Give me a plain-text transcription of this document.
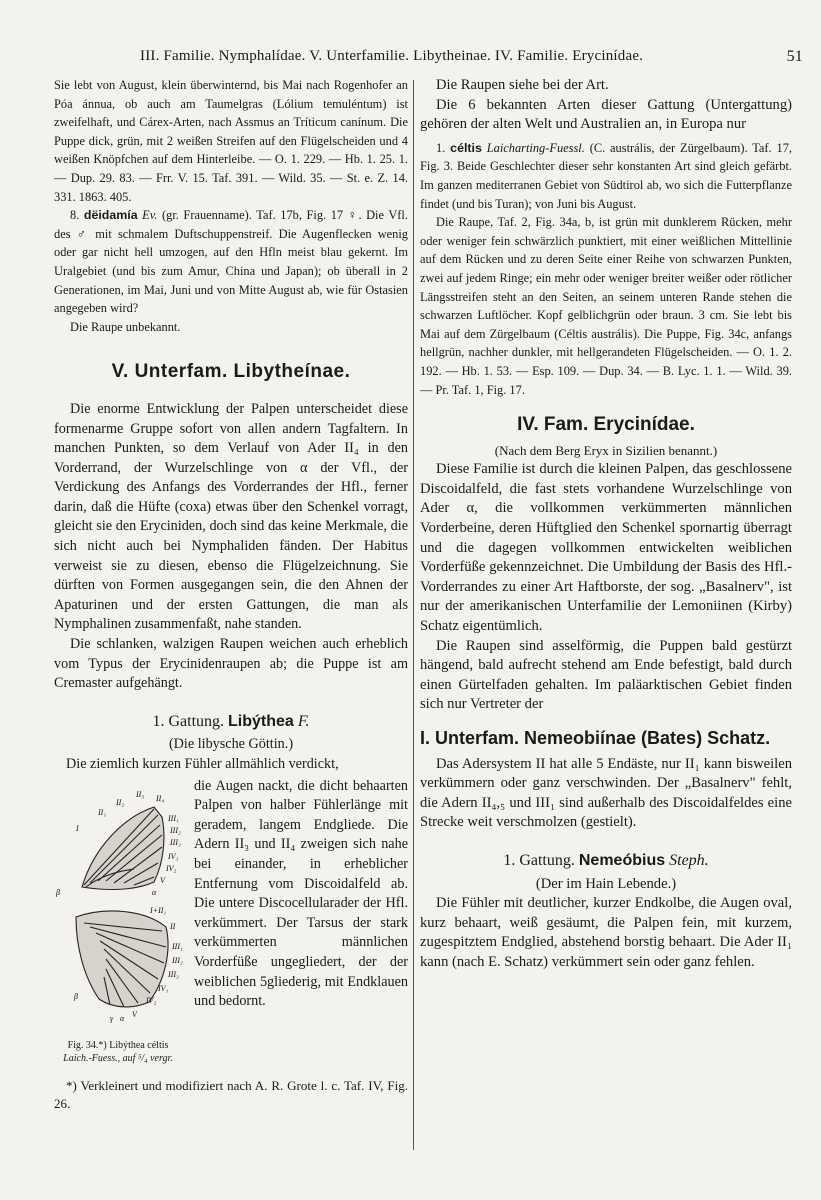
III. Familie. Nymphalídae. V. Unterfamilie. Libytheinae. IV. Familie. Erycinídae.	51

Sie lebt von August, klein überwinternd, bis Mai nach Rogenhofer an Póa ánnua, ob auch am Taumelgras (Lólium temuléntum) ist zweifelhaft, und Cárex-Arten, nach Assmus an Tríticum canínum. Die Puppe dick, grün, mit 2 weißen Streifen auf den Flügelscheiden und 4 weißen Knöpfchen auf dem Hinterleibe. — O. 1. 229. — Hb. 1. 25. 1. — Dup. 29. 83. — Frr. V. 15. Taf. 391. — Wild. 35. — St. e. Z. 14. 331. 1863. 405.

8. dëidamía Ev. (gr. Frauenname). Taf. 17b, Fig. 17 ♀. Die Vfl. des ♂ mit schmalem Duftschuppenstreif. Die Augenflecken wenig oder gar nicht hell umzogen, auf den Hfln meist blau gekernt. Im Uralgebiet (und bis zum Amur, China und Japan); ob überall in 2 Generationen, im Mai, Juni und von Mitte August ab, wie für Ostasien angegeben wird?

Die Raupe unbekannt.

V. Unterfam. Libytheínae.

Die enorme Entwicklung der Palpen unterscheidet diese formenarme Gruppe sofort von allen andern Tagfaltern. In manchen Punkten, so dem Verlauf von Ader II₄ in den Vorderrand, der Wurzelschlinge von α der Vfl., der Verdickung des Anfangs des Vorderrandes der Hfl., ferner darin, daß die Hüfte (coxa) etwas über den Schenkel vorragt, gleicht sie den Eryciniden, doch sind das keine Merkmale, die sich nicht auch bei Nymphaliden fänden. Der Habitus verweist sie zu diesen, ebenso die Flügelzeichnung. Sie dürften von Formen ausgegangen sein, die den Ahnen der Apaturinen und der ersten Gattungen, die man als Nymphalinen zusammenfaßt, nahe standen.

Die schlanken, walzigen Raupen weichen auch erheblich vom Typus der Erycinidenraupen ab; die Puppe ist am Cremaster aufgehängt.

1. Gattung. Libýthea F.

(Die libysche Göttin.)

Die ziemlich kurzen Fühler allmählich verdickt,

II₅ II₄
II₂
II₁
I
β	α
III₁
III₂
III₃
IV₁
IV₂
V
I+II₁
II
III₁
III₂
III₃
IV₁
IV₂
V
α
γ
β
Fig. 34.*) Libýthea céltis
Laich.-Fuess., auf ⁵/₄ vergr.
die Augen nackt, die dicht behaarten Palpen von halber Fühlerlänge mit geradem, langem Endgliede. Die Adern II₃ und II₄ zweigen sich nahe bei einander, in erheblicher Entfernung vom Discoidalfeld ab. Die untere Discocellularader der Hfl. verkümmert. Der Tarsus der stark verkümmerten männlichen Vorderfüße ungegliedert, der der weiblichen 5gliederig, mit Endklauen und bedornt.

*) Verkleinert und modifiziert nach A. R. Grote l. c. Taf. IV, Fig. 26.

Die Raupen siehe bei der Art.

Die 6 bekannten Arten dieser Gattung (Untergattung) gehören der alten Welt und Australien an, in Europa nur

1. céltis Laicharting-Fuessl. (C. austrális, der Zürgelbaum). Taf. 17, Fig. 3. Beide Geschlechter dieser sehr konstanten Art sind gleich gefärbt. Im ganzen mediterranen Gebiet von Südtirol ab, wo sich die Futterpflanze findet (und bis Turan); von Juni bis August.

Die Raupe, Taf. 2, Fig. 34a, b, ist grün mit dunklerem Rücken, mehr oder weniger fein schwärzlich punktiert, mit einer weißlichen Mittellinie auf dem Rücken und zu deren Seite einer Reihe von schwarzen Punkten, zwei auf jedem Ringe; ein mehr oder weniger breiter weißer oder rötlicher Längsstreifen steht an den Seiten, an seinem unteren Rande stehen die schwarzen Luftlöcher. Kopf gelblichgrün oder braun. 3 cm. Sie lebt bis Mai auf dem Zürgelbaum (Céltis austrális). Die Puppe, Fig. 34c, anfangs hellgrün, nachher dunkler, mit hellgerandeten Flügelscheiden. — O. 1. 2. 192. — Hb. 1. 53. — Esp. 109. — Dup. 34. — B. Lyc. 1. 1. — Wild. 39. — Pr. Taf. 1, Fig. 17.

IV. Fam. Erycinídae.

(Nach dem Berg Eryx in Sizilien benannt.)

Diese Familie ist durch die kleinen Palpen, das geschlossene Discoidalfeld, die fast stets vorhandene Wurzelschlinge von Ader α, die vollkommen verkümmerten männlichen Vorderbeine, deren Hüftglied den Schenkel spornartig überragt und die dagegen vollkommen entwickelten weiblichen Vorderfüße gekennzeichnet. Die Umbildung der Basis des Hfl.-Vorderrandes zu einer Art Haftborste, der sog. „Basalnerv", ist nur der amerikanischen Unterfamilie der Lemoniinen (Kirby) Schatz eigentümlich.

Die Raupen sind asselförmig, die Puppen bald gestürzt hängend, bald aufrecht stehend am Ende befestigt, bald durch einen Gürtelfaden gehalten. Im paläarktischen Gebiet finden sich nur Vertreter der

I. Unterfam. Nemeobiínae (Bates) Schatz.

Das Adersystem II hat alle 5 Endäste, nur II₁ kann bisweilen verkümmern oder ganz verschwinden. Der „Basalnerv" fehlt, die Adern II₄,₅ und III₁ sind außerhalb des Discoidalfeldes eine Strecke weit verschmolzen (gestielt).

1. Gattung. Nemeóbius Steph.

(Der im Hain Lebende.)

Die Fühler mit deutlicher, kurzer Endkolbe, die Augen oval, kurz behaart, weiß gesäumt, die Palpen fein, mit kurzem, zugespitztem Endglied, abstehend borstig behaart. Die Ader II₁ kann (nach E. Schatz) verkümmert sein oder ganz fehlen.
